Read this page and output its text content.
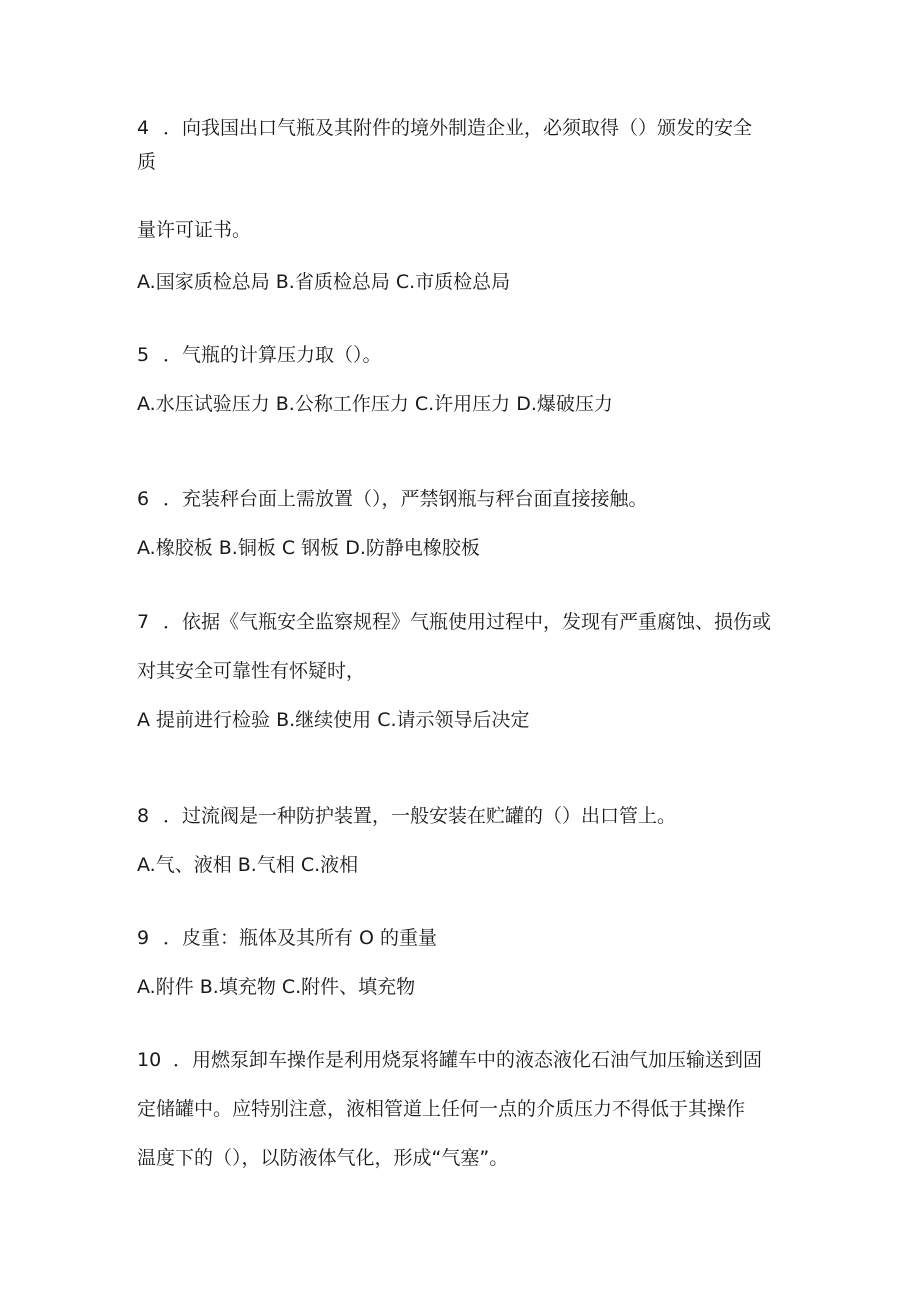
4 ．向我国出口气瓶及其附件的境外制造企业，必须取得（）颁发的安全
质
量许可证书。
A.国家质检总局 B.省质检总局 C.市质检总局
5 ．气瓶的计算压力取（）。
A.水压试验压力 B.公称工作压力 C.许用压力 D.爆破压力
6 ．充装秤台面上需放置（），严禁钢瓶与秤台面直接接触。
A.橡胶板 B.铜板 C 钢板 D.防静电橡胶板
7 ．依据《气瓶安全监察规程》气瓶使用过程中，发现有严重腐蚀、损伤或
对其安全可靠性有怀疑时，
A 提前进行检验 B.继续使用 C.请示领导后决定
8 ．过流阀是一种防护装置，一般安装在贮罐的（）出口管上。
A.气、液相 B.气相 C.液相
9 ．皮重：瓶体及其所有 O 的重量
A.附件 B.填充物 C.附件、填充物
10 ．用燃泵卸车操作是利用烧泵将罐车中的液态液化石油气加压输送到固
定储罐中。应特别注意，液相管道上任何一点的介质压力不得低于其操作
温度下的（），以防液体气化，形成“气塞”。
